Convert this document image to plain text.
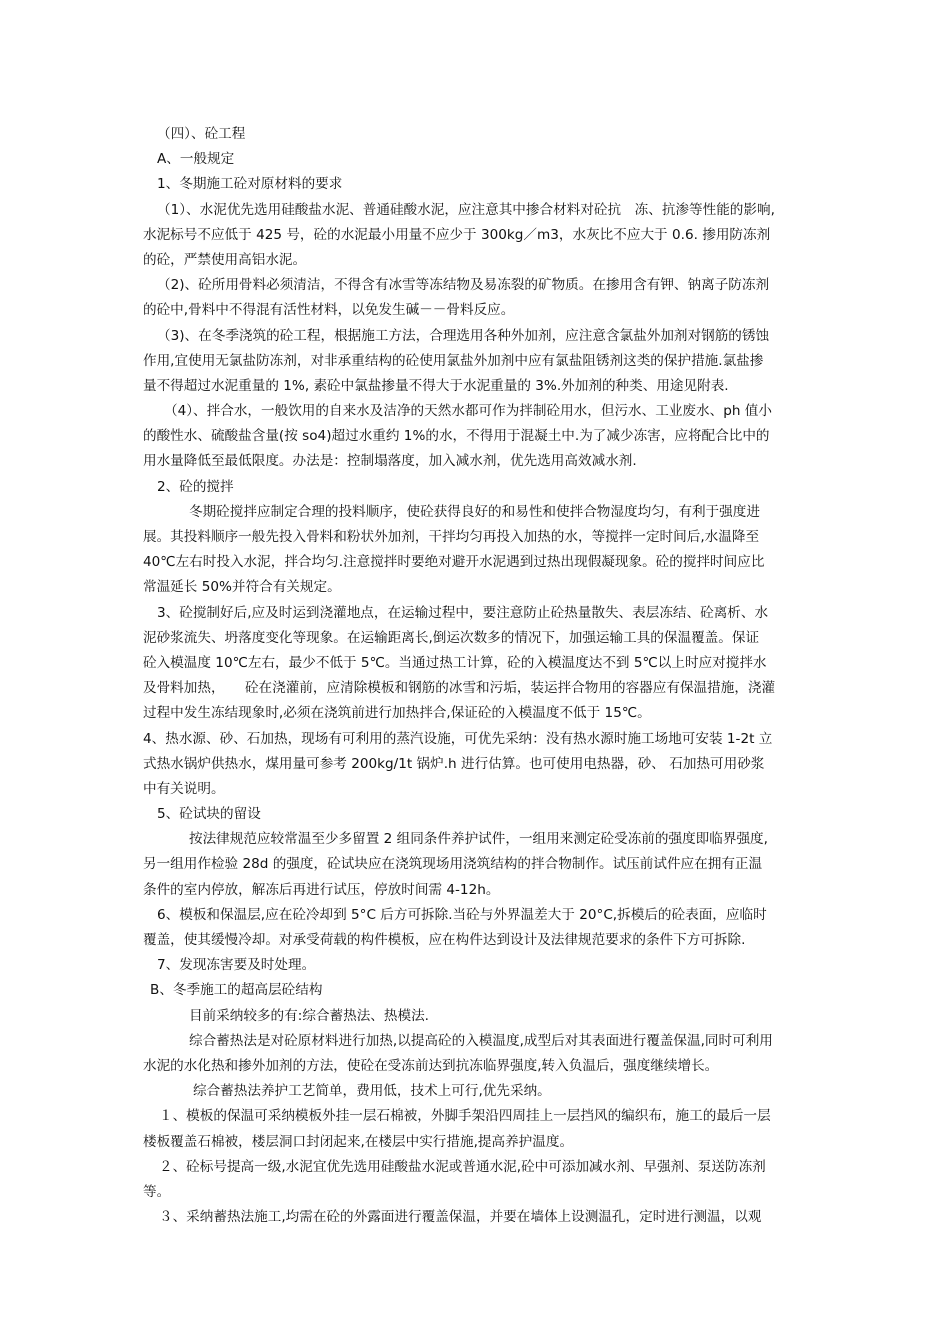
（四）、砼工程
A、一般规定
1、冬期施工砼对原材料的要求
（1）、水泥优先选用硅酸盐水泥、普通硅酸水泥，应注意其中掺合材料对砼抗　冻、抗渗等性能的影响,
水泥标号不应低于 425 号，砼的水泥最小用量不应少于 300kg／m3，水灰比不应大于 0.6. 掺用防冻剂
的砼，严禁使用高铝水泥。
（2)、砼所用骨料必须清洁，不得含有冰雪等冻结物及易冻裂的矿物质。在掺用含有钾、钠离子防冻剂
的砼中,骨料中不得混有活性材料，以免发生碱－－骨料反应。
（3)、在冬季浇筑的砼工程，根据施工方法，合理选用各种外加剂，应注意含氯盐外加剂对钢筋的锈蚀
作用,宜使用无氯盐防冻剂，对非承重结构的砼使用氯盐外加剂中应有氯盐阻锈剂这类的保护措施.氯盐掺
量不得超过水泥重量的 1%, 素砼中氯盐掺量不得大于水泥重量的 3%.外加剂的种类、用途见附表.
（4）、拌合水，一般饮用的自来水及洁净的天然水都可作为拌制砼用水，但污水、工业废水、ph 值小
的酸性水、硫酸盐含量(按 so4)超过水重约 1%的水，不得用于混凝土中.为了减少冻害，应将配合比中的
用水量降低至最低限度。办法是：控制塌落度，加入减水剂，优先选用高效减水剂.
2、砼的搅拌
冬期砼搅拌应制定合理的投料顺序，使砼获得良好的和易性和使拌合物湿度均匀，有利于强度进
展。其投料顺序一般先投入骨料和粉状外加剂，干拌均匀再投入加热的水，等搅拌一定时间后,水温降至
40℃左右时投入水泥，拌合均匀.注意搅拌时要绝对避开水泥遇到过热出现假凝现象。砼的搅拌时间应比
常温延长 50%并符合有关规定。
3、砼搅制好后,应及时运到浇灌地点，在运输过程中，要注意防止砼热量散失、表层冻结、砼离析、水
泥砂浆流失、坍落度变化等现象。在运输距离长,倒运次数多的情况下，加强运输工具的保温覆盖。保证
砼入模温度 10℃左右，最少不低于 5℃。当通过热工计算，砼的入模温度达不到 5℃以上时应对搅拌水
及骨料加热，　　砼在浇灌前，应清除模板和钢筋的冰雪和污垢，装运拌合物用的容器应有保温措施，浇灌
过程中发生冻结现象时,必须在浇筑前进行加热拌合,保证砼的入模温度不低于 15℃。
4、热水源、砂、石加热，现场有可利用的蒸汽设施，可优先采纳：没有热水源时施工场地可安装 1-2t 立
式热水锅炉供热水，煤用量可参考 200kg/1t 锅炉.h 进行估算。也可使用电热器，砂、 石加热可用砂浆
中有关说明。
5、砼试块的留设
按法律规范应较常温至少多留置 2 组同条件养护试件，一组用来测定砼受冻前的强度即临界强度,
另一组用作检验 28d 的强度，砼试块应在浇筑现场用浇筑结构的拌合物制作。试压前试件应在拥有正温
条件的室内停放，解冻后再进行试压，停放时间需 4-12h。
6、模板和保温层,应在砼冷却到 5°C 后方可拆除.当砼与外界温差大于 20°C,拆模后的砼表面，应临时
覆盖，使其缓慢冷却。对承受荷载的构件模板，应在构件达到设计及法律规范要求的条件下方可拆除.
7、发现冻害要及时处理。
B、冬季施工的超高层砼结构
目前采纳较多的有:综合蓄热法、热模法.
综合蓄热法是对砼原材料进行加热,以提高砼的入模温度,成型后对其表面进行覆盖保温,同时可利用
水泥的水化热和掺外加剂的方法，使砼在受冻前达到抗冻临界强度,转入负温后，强度继续增长。
综合蓄热法养护工艺简单，费用低，技术上可行,优先采纳。
１、模板的保温可采纳模板外挂一层石棉被，外脚手架沿四周挂上一层挡风的编织布，施工的最后一层
楼板覆盖石棉被，楼层洞口封闭起来,在楼层中实行措施,提高养护温度。
２、砼标号提高一级,水泥宜优先选用硅酸盐水泥或普通水泥,砼中可添加减水剂、早强剂、泵送防冻剂
等。
３、采纳蓄热法施工,均需在砼的外露面进行覆盖保温，并要在墙体上设测温孔，定时进行测温，以观
